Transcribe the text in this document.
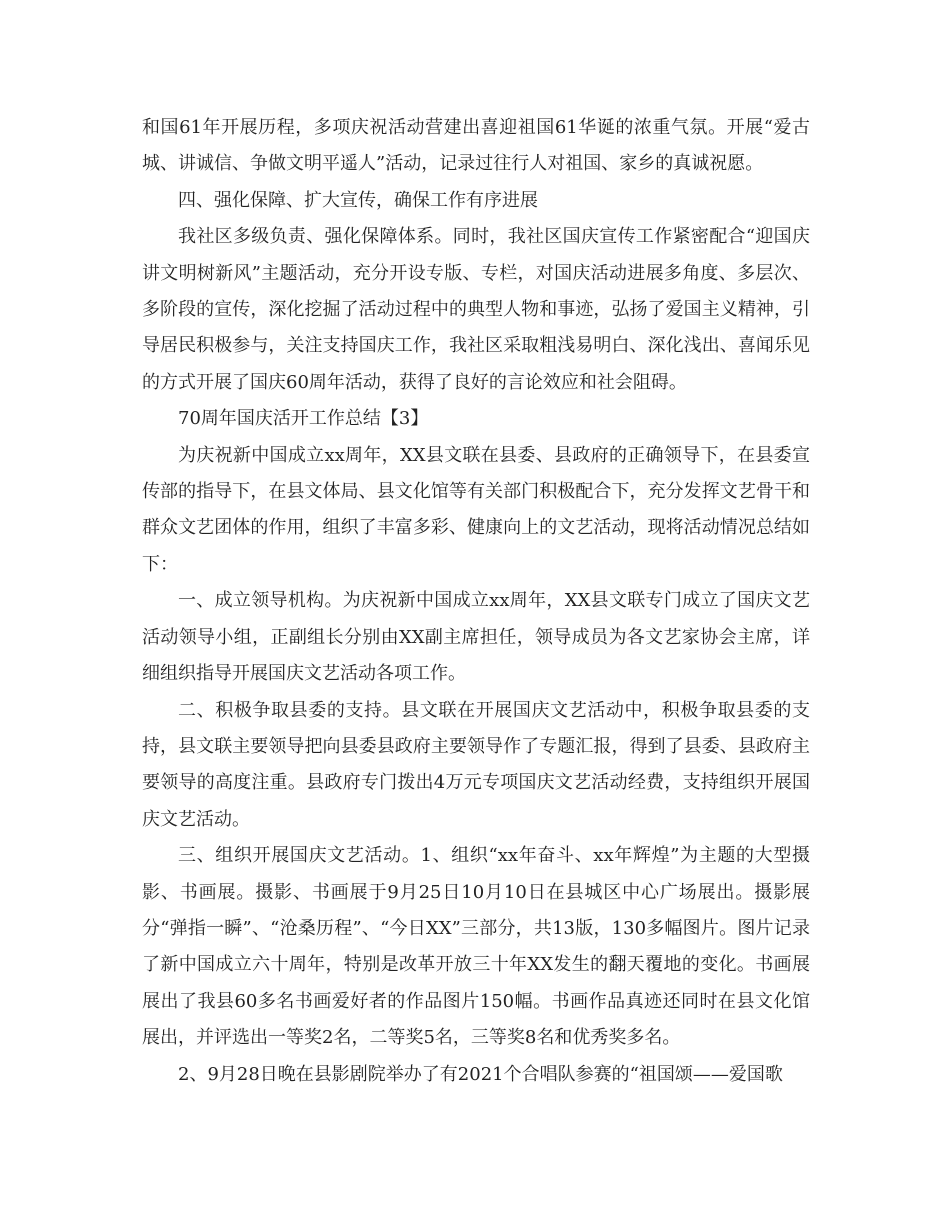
和国61年开展历程，多项庆祝活动营建出喜迎祖国61华诞的浓重气氛。开展“爱古城、讲诚信、争做文明平遥人”活动，记录过往行人对祖国、家乡的真诚祝愿。

四、强化保障、扩大宣传，确保工作有序进展

我社区多级负责、强化保障体系。同时，我社区国庆宣传工作紧密配合“迎国庆讲文明树新风”主题活动，充分开设专版、专栏，对国庆活动进展多角度、多层次、多阶段的宣传，深化挖掘了活动过程中的典型人物和事迹，弘扬了爱国主义精神，引导居民积极参与，关注支持国庆工作，我社区采取粗浅易明白、深化浅出、喜闻乐见的方式开展了国庆60周年活动，获得了良好的言论效应和社会阻碍。

70周年国庆活开工作总结【3】

为庆祝新中国成立xx周年，XX县文联在县委、县政府的正确领导下，在县委宣传部的指导下，在县文体局、县文化馆等有关部门积极配合下，充分发挥文艺骨干和群众文艺团体的作用，组织了丰富多彩、健康向上的文艺活动，现将活动情况总结如下：

一、成立领导机构。为庆祝新中国成立xx周年，XX县文联专门成立了国庆文艺活动领导小组，正副组长分别由XX副主席担任，领导成员为各文艺家协会主席，详细组织指导开展国庆文艺活动各项工作。

二、积极争取县委的支持。县文联在开展国庆文艺活动中，积极争取县委的支持，县文联主要领导把向县委县政府主要领导作了专题汇报，得到了县委、县政府主要领导的高度注重。县政府专门拨出4万元专项国庆文艺活动经费，支持组织开展国庆文艺活动。

三、组织开展国庆文艺活动。1、组织“xx年奋斗、xx年辉煌”为主题的大型摄影、书画展。摄影、书画展于9月25日10月10日在县城区中心广场展出。摄影展分“弹指一瞬”、“沧桑历程”、“今日XX”三部分，共13版，130多幅图片。图片记录了新中国成立六十周年，特别是改革开放三十年XX发生的翻天覆地的变化。书画展展出了我县60多名书画爱好者的作品图片150幅。书画作品真迹还同时在县文化馆展出，并评选出一等奖2名，二等奖5名，三等奖8名和优秀奖多名。

2、9月28日晚在县影剧院举办了有2021个合唱队参赛的“祖国颂——爱国歌
